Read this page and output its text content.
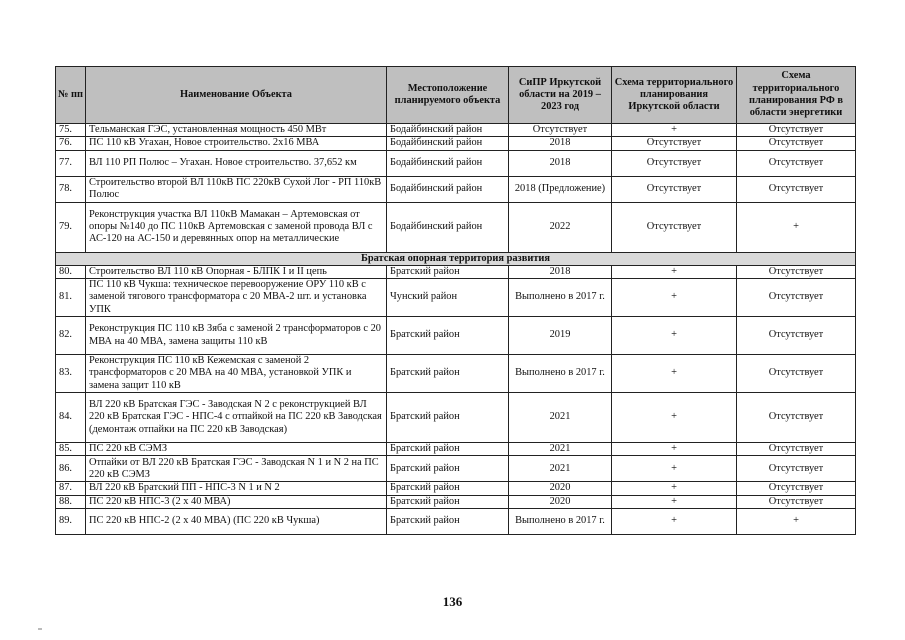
№ пп	Наименование Объекта	Местоположение планируемого объекта	СиПР Иркутской области на 2019 – 2023 год	Схема территориального планирования Иркутской области	Схема территориального планирования РФ в области энергетики
75.	Тельманская ГЭС, установленная мощность 450 МВт	Бодайбинский район	Отсутствует	+	Отсутствует
76.	ПС 110 кВ Угахан, Новое строительство. 2х16 МВА	Бодайбинский район	2018	Отсутствует	Отсутствует
77.	ВЛ 110 РП Полюс – Угахан. Новое строительство. 37,652 км	Бодайбинский район	2018	Отсутствует	Отсутствует
78.	Строительство второй ВЛ 110кВ ПС 220кВ Сухой Лог - РП 110кВ Полюс	Бодайбинский район	2018 (Предложение)	Отсутствует	Отсутствует
79.	Реконструкция участка ВЛ 110кВ Мамакан – Артемовская от опоры №140 до ПС 110кВ Артемовская с заменой провода ВЛ с АС-120 на АС-150 и деревянных опор на металлические	Бодайбинский район	2022	Отсутствует	+
Братская опорная территория развития					
80.	Строительство ВЛ 110 кВ Опорная - БЛПК I и II цепь	Братский район	2018	+	Отсутствует
81.	ПС 110 кВ Чукша: техническое перевооружение ОРУ 110 кВ с заменой тягового трансформатора с 20 МВА-2 шт. и установка УПК	Чунский район	Выполнено в 2017 г.	+	Отсутствует
82.	Реконструкция ПС 110 кВ Зяба с заменой 2 трансформаторов с 20 МВА на 40 МВА, замена защиты 110 кВ	Братский район	2019	+	Отсутствует
83.	Реконструкция ПС 110 кВ Кежемская с заменой 2 трансформаторов с 20 МВА на 40 МВА, установкой УПК и замена защит 110 кВ	Братский район	Выполнено в 2017 г.	+	Отсутствует
84.	ВЛ 220 кВ Братская ГЭС - Заводская N 2 с реконструкцией ВЛ 220 кВ Братская ГЭС - НПС-4 с отпайкой на ПС 220 кВ Заводская (демонтаж отпайки на ПС 220 кВ Заводская)	Братский район	2021	+	Отсутствует
85.	ПС 220 кВ СЭМЗ	Братский район	2021	+	Отсутствует
86.	Отпайки от ВЛ 220 кВ Братская ГЭС - Заводская N 1 и N 2 на ПС 220 кВ СЭМЗ	Братский район	2021	+	Отсутствует
87.	ВЛ 220 кВ Братский ПП - НПС-3 N 1 и N 2	Братский район	2020	+	Отсутствует
88.	ПС 220 кВ НПС-3 (2 х 40 МВА)	Братский район	2020	+	Отсутствует
89.	ПС 220 кВ НПС-2 (2 х 40 МВА) (ПС 220 кВ Чукша)	Братский район	Выполнено в 2017 г.	+	+
136
